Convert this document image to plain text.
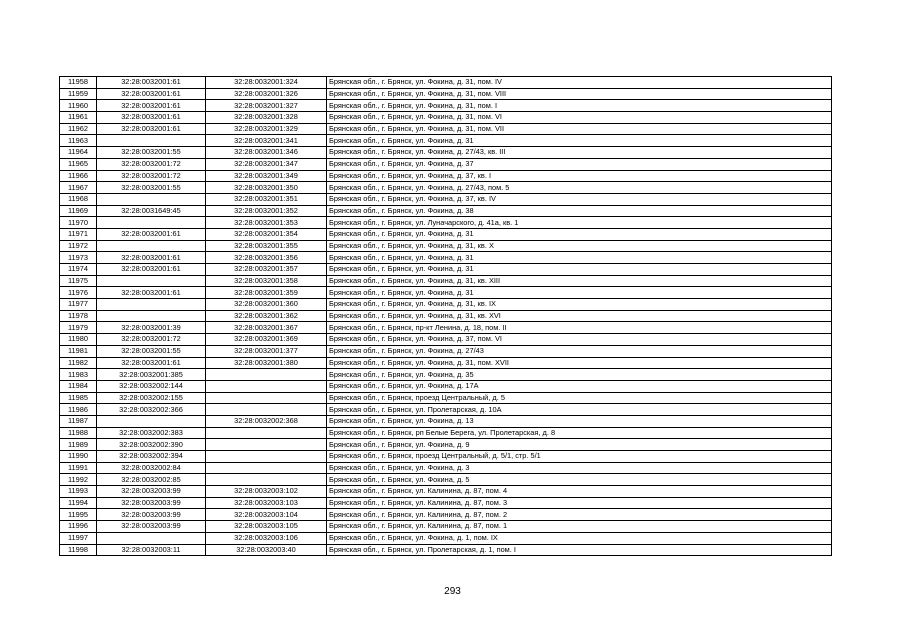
11958	32:28:0032001:61	32:28:0032001:324	Брянская обл., г. Брянск, ул. Фокина, д. 31, пом. IV
11959	32:28:0032001:61	32:28:0032001:326	Брянская обл., г. Брянск, ул. Фокина, д. 31, пом. VIII
11960	32:28:0032001:61	32:28:0032001:327	Брянская обл., г. Брянск, ул. Фокина, д. 31, пом. I
11961	32:28:0032001:61	32:28:0032001:328	Брянская обл., г. Брянск, ул. Фокина, д. 31, пом. VI
11962	32:28:0032001:61	32:28:0032001:329	Брянская обл., г. Брянск, ул. Фокина, д. 31, пом. VII
11963		32:28:0032001:341	Брянская обл., г. Брянск, ул. Фокина, д. 31
11964	32:28:0032001:55	32:28:0032001:346	Брянская обл., г. Брянск, ул. Фокина, д. 27/43, кв. III
11965	32:28:0032001:72	32:28:0032001:347	Брянская обл., г. Брянск, ул. Фокина, д. 37
11966	32:28:0032001:72	32:28:0032001:349	Брянская обл., г. Брянск, ул. Фокина, д. 37, кв. I
11967	32:28:0032001:55	32:28:0032001:350	Брянская обл., г. Брянск, ул. Фокина, д. 27/43, пом. 5
11968		32:28:0032001:351	Брянская обл., г. Брянск, ул. Фокина, д. 37, кв. IV
11969	32:28:0031649:45	32:28:0032001:352	Брянская обл., г. Брянск, ул. Фокина, д. 38
11970		32:28:0032001:353	Брянская обл., г. Брянск, ул. Луначарского, д. 41а, кв. 1
11971	32:28:0032001:61	32:28:0032001:354	Брянская обл., г. Брянск, ул. Фокина, д. 31
11972		32:28:0032001:355	Брянская обл., г. Брянск, ул. Фокина, д. 31, кв. X
11973	32:28:0032001:61	32:28:0032001:356	Брянская обл., г. Брянск, ул. Фокина, д. 31
11974	32:28:0032001:61	32:28:0032001:357	Брянская обл., г. Брянск, ул. Фокина, д. 31
11975		32:28:0032001:358	Брянская обл., г. Брянск, ул. Фокина, д. 31, кв. XIII
11976	32:28:0032001:61	32:28:0032001:359	Брянская обл., г. Брянск, ул. Фокина, д. 31
11977		32:28:0032001:360	Брянская обл., г. Брянск, ул. Фокина, д. 31, кв. IX
11978		32:28:0032001:362	Брянская обл., г. Брянск, ул. Фокина, д. 31, кв. XVI
11979	32:28:0032001:39	32:28:0032001:367	Брянская обл., г. Брянск, пр-кт Ленина, д. 18, пом. II
11980	32:28:0032001:72	32:28:0032001:369	Брянская обл., г. Брянск, ул. Фокина, д. 37, пом. VI
11981	32:28:0032001:55	32:28:0032001:377	Брянская обл., г. Брянск, ул. Фокина, д. 27/43
11982	32:28:0032001:61	32:28:0032001:380	Брянская обл., г. Брянск, ул. Фокина, д. 31, пом. XVII
11983	32:28:0032001:385		Брянская обл., г. Брянск, ул. Фокина, д. 35
11984	32:28:0032002:144		Брянская обл., г. Брянск, ул. Фокина, д. 17А
11985	32:28:0032002:155		Брянская обл., г. Брянск, проезд Центральный, д. 5
11986	32:28:0032002:366		Брянская обл., г. Брянск, ул. Пролетарская, д. 10А
11987		32:28:0032002:368	Брянская обл., г. Брянск, ул. Фокина, д. 13
11988	32:28:0032002:383		Брянская обл., г. Брянск, рп Белые Берега, ул. Пролетарская, д. 8
11989	32:28:0032002:390		Брянская обл., г. Брянск, ул. Фокина, д. 9
11990	32:28:0032002:394		Брянская обл., г. Брянск, проезд Центральный, д. 5/1, стр. 5/1
11991	32:28:0032002:84		Брянская обл., г. Брянск, ул. Фокина, д. 3
11992	32:28:0032002:85		Брянская обл., г. Брянск, ул. Фокина, д. 5
11993	32:28:0032003:99	32:28:0032003:102	Брянская обл., г. Брянск, ул. Калинина, д. 87, пом. 4
11994	32:28:0032003:99	32:28:0032003:103	Брянская обл., г. Брянск, ул. Калинина, д. 87, пом. 3
11995	32:28:0032003:99	32:28:0032003:104	Брянская обл., г. Брянск, ул. Калинина, д. 87, пом. 2
11996	32:28:0032003:99	32:28:0032003:105	Брянская обл., г. Брянск, ул. Калинина, д. 87, пом. 1
11997		32:28:0032003:106	Брянская обл., г. Брянск, ул. Фокина, д. 1, пом. IX
11998	32:28:0032003:11	32:28:0032003:40	Брянская обл., г. Брянск, ул. Пролетарская, д. 1, пом. I
293
